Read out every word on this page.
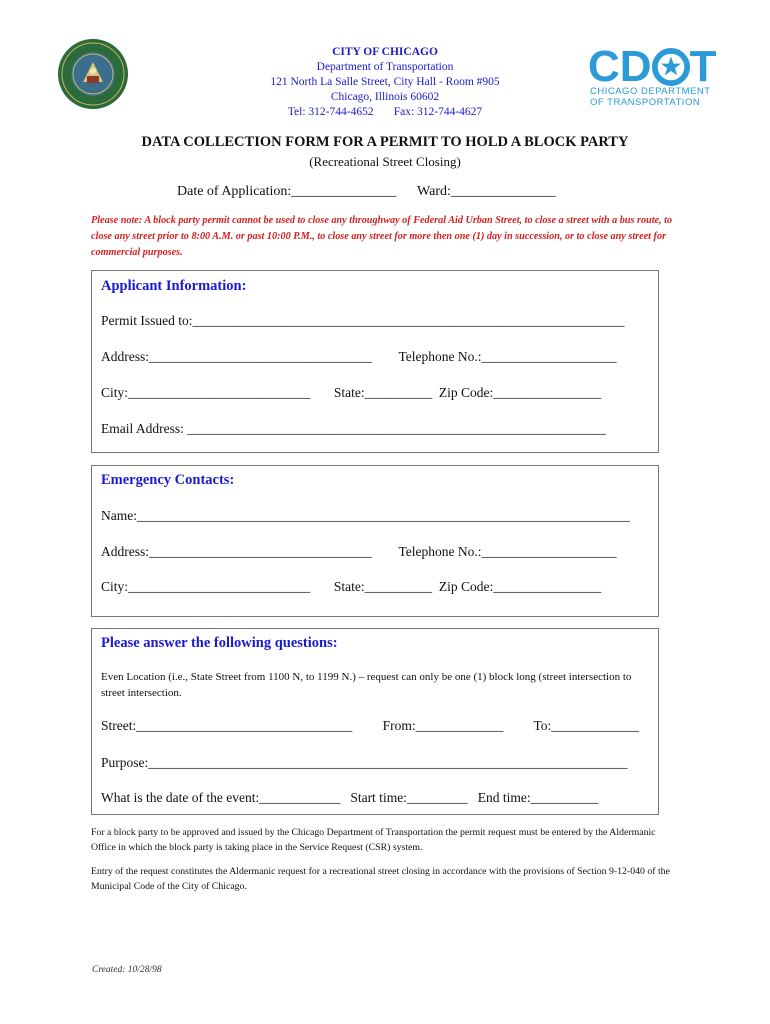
CITY OF CHICAGO
Department of Transportation
121 North La Salle Street, City Hall - Room #905
Chicago, Illinois 60602
Tel: 312-744-4652       Fax: 312-744-4627
CD T
CHICAGO DEPARTMENT
OF TRANSPORTATION
DATA COLLECTION FORM FOR A PERMIT TO HOLD A BLOCK PARTY
(Recreational Street Closing)
Date of Application:_______________      Ward:_______________
Please note: A block party permit cannot be used to close any throughway of Federal Aid Urban Street, to close a street with a bus route, to close any street prior to 8:00 A.M. or past 10:00 P.M., to close any street for more then one (1) day in succession, or to close any street for commercial purposes.
Applicant Information:
Permit Issued to:________________________________________________________________
Address:_________________________________        Telephone No.:____________________
City:___________________________       State:__________  Zip Code:________________
Email Address: ______________________________________________________________
Emergency Contacts:
Name:_________________________________________________________________________
Address:_________________________________        Telephone No.:____________________
City:___________________________       State:__________  Zip Code:________________
Please answer the following questions:
Even Location (i.e., State Street from 1100 N, to 1199 N.) – request can only be one (1) block long (street intersection to street intersection.
Street:________________________________         From:_____________         To:_____________
Purpose:_______________________________________________________________________
What is the date of the event:____________   Start time:_________   End time:__________
For a block party to be approved and issued by the Chicago Department of Transportation the permit request must be entered by the Aldermanic Office in which the block party is taking place in the Service Request (CSR) system.
Entry of the request constitutes the Aldermanic request for a recreational street closing in accordance with the provisions of Section 9-12-040 of the Municipal Code of the City of Chicago.
Created: 10/28/98
